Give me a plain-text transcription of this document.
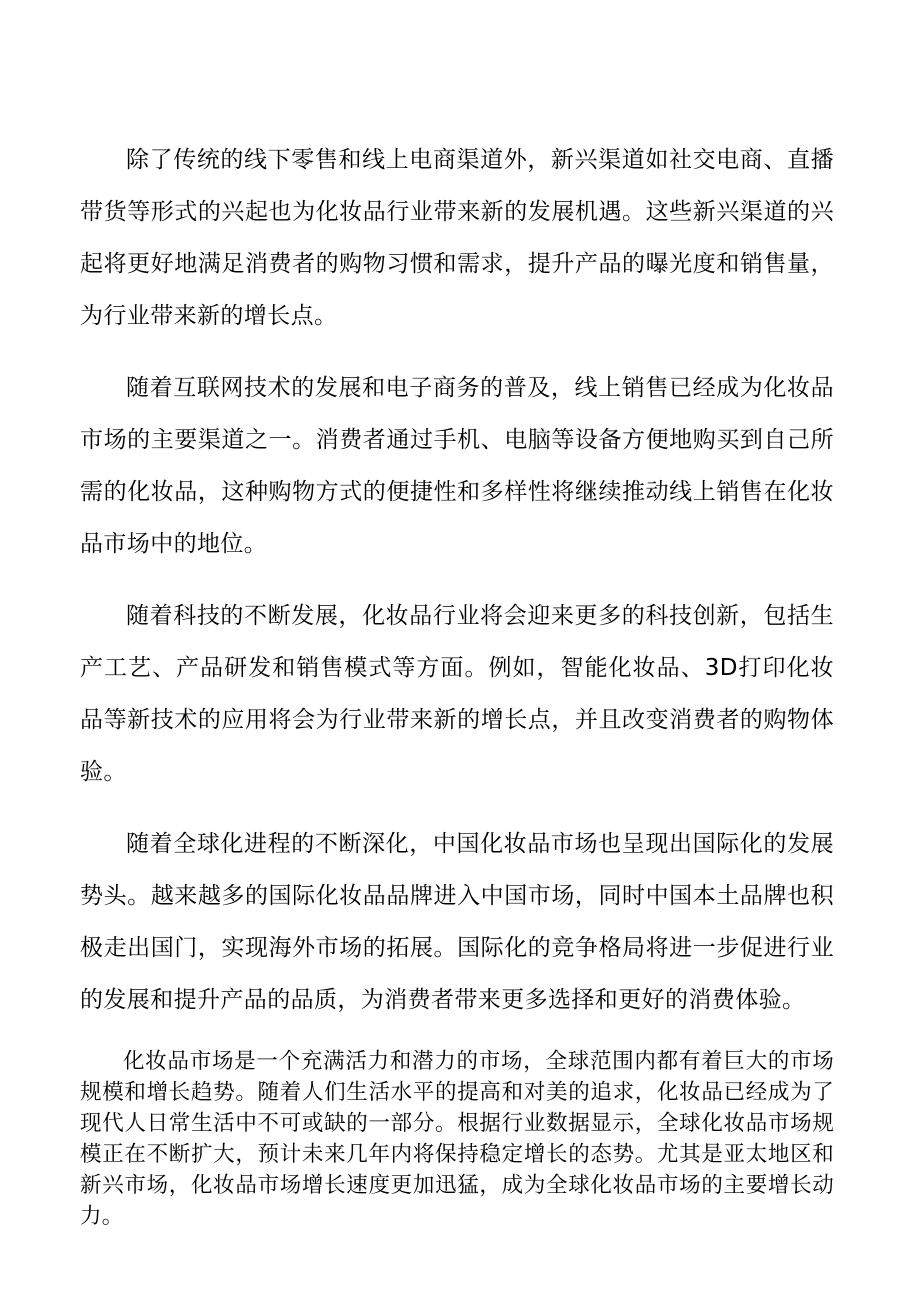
除了传统的线下零售和线上电商渠道外，新兴渠道如社交电商、直播带货等形式的兴起也为化妆品行业带来新的发展机遇。这些新兴渠道的兴起将更好地满足消费者的购物习惯和需求，提升产品的曝光度和销售量，为行业带来新的增长点。

随着互联网技术的发展和电子商务的普及，线上销售已经成为化妆品市场的主要渠道之一。消费者通过手机、电脑等设备方便地购买到自己所需的化妆品，这种购物方式的便捷性和多样性将继续推动线上销售在化妆品市场中的地位。

随着科技的不断发展，化妆品行业将会迎来更多的科技创新，包括生产工艺、产品研发和销售模式等方面。例如，智能化妆品、3D打印化妆品等新技术的应用将会为行业带来新的增长点，并且改变消费者的购物体验。

随着全球化进程的不断深化，中国化妆品市场也呈现出国际化的发展势头。越来越多的国际化妆品品牌进入中国市场，同时中国本土品牌也积极走出国门，实现海外市场的拓展。国际化的竞争格局将进一步促进行业的发展和提升产品的品质，为消费者带来更多选择和更好的消费体验。

化妆品市场是一个充满活力和潜力的市场，全球范围内都有着巨大的市场规模和增长趋势。随着人们生活水平的提高和对美的追求，化妆品已经成为了现代人日常生活中不可或缺的一部分。根据行业数据显示，全球化妆品市场规模正在不断扩大，预计未来几年内将保持稳定增长的态势。尤其是亚太地区和新兴市场，化妆品市场增长速度更加迅猛，成为全球化妆品市场的主要增长动力。
